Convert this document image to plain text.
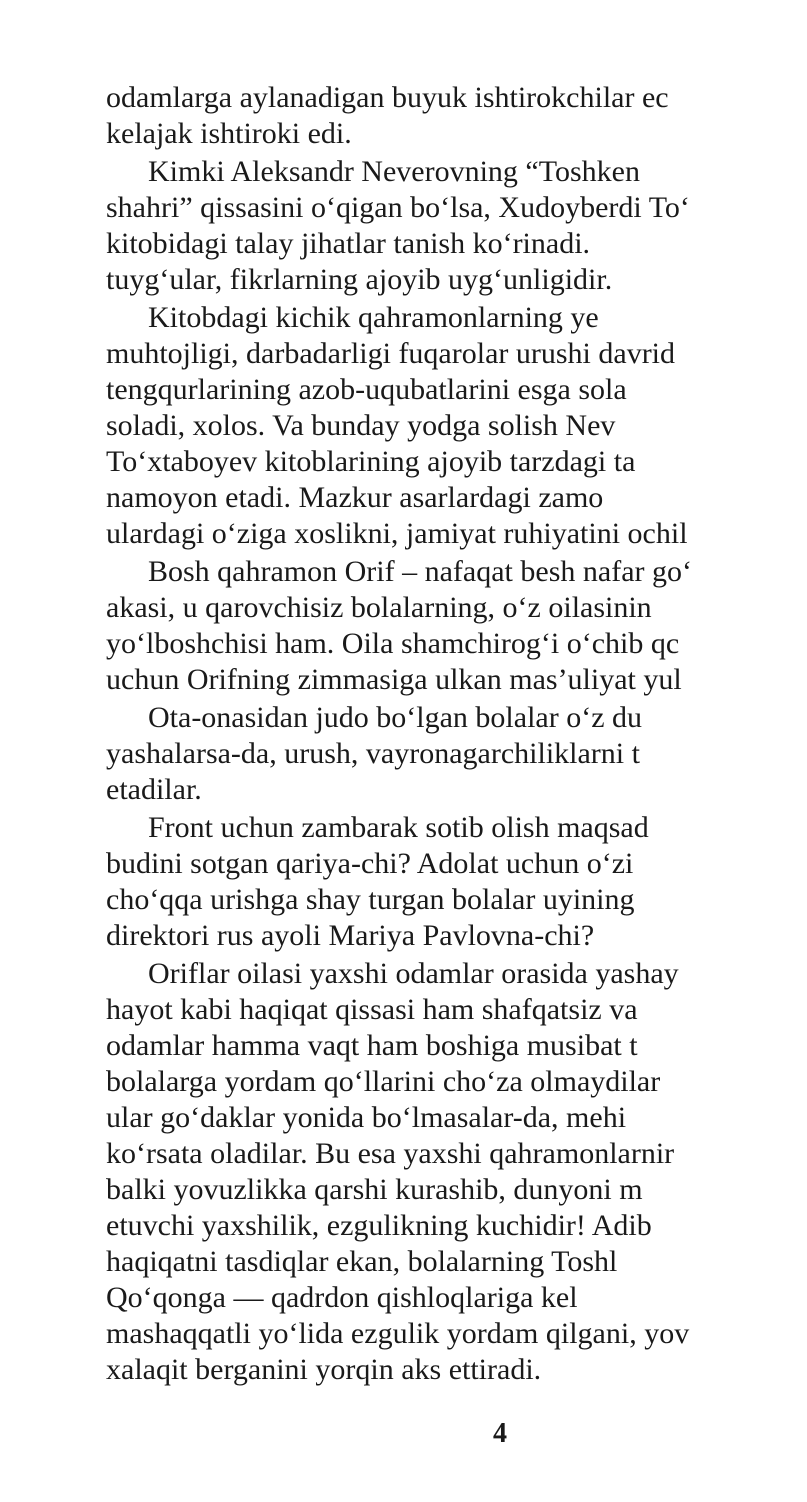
odamlarga aylanadigan buyuk ishtirokchilar ec
kelajak ishtiroki edi.
Kimki Aleksandr Neverovning “Toshken
shahri” qissasini o‘qigan bo‘lsa, Xudoyberdi To‘
kitobidagi talay jihatlar tanish ko‘rinadi.
tuyg‘ular, fikrlarning ajoyib uyg‘unligidir.
Kitobdagi kichik qahramonlarning ye
muhtojligi, darbadarligi fuqarolar urushi davrid
tengqurlarining azob-uqubatlarini esga sola
soladi, xolos. Va bunday yodga solish Nev
To‘xtaboyev kitoblarining ajoyib tarzdagi ta
namoyon etadi. Mazkur asarlardagi zamo
ulardagi o‘ziga xoslikni, jamiyat ruhiyatini ochil
Bosh qahramon Orif – nafaqat besh nafar go‘
akasi, u qarovchisiz bolalarning, o‘z oilasinin
yo‘lboshchisi ham. Oila shamchirog‘i o‘chib qc
uchun Orifning zimmasiga ulkan mas’uliyat yul
Ota-onasidan judo bo‘lgan bolalar o‘z du
yashalarsa-da, urush, vayronagarchiliklarni t
etadilar.
Front uchun zambarak sotib olish maqsad
budini sotgan qariya-chi? Adolat uchun o‘zi
cho‘qqa urishga shay turgan bolalar uyining
direktori rus ayoli Mariya Pavlovna-chi?
Oriflar oilasi yaxshi odamlar orasida yashay
hayot kabi haqiqat qissasi ham shafqatsiz va
odamlar hamma vaqt ham boshiga musibat t
bolalarga yordam qo‘llarini cho‘za olmaydilar
ular go‘daklar yonida bo‘lmasalar-da, mehi
ko‘rsata oladilar. Bu esa yaxshi qahramonlarnir
balki yovuzlikka qarshi kurashib, dunyoni m
etuvchi yaxshilik, ezgulikning kuchidir! Adib
haqiqatni tasdiqlar ekan, bolalarning Toshl
Qo‘qonga — qadrdon qishloqlariga kel
mashaqqatli yo‘lida ezgulik yordam qilgani, yov
xalaqit berganini yorqin aks ettiradi.
4
